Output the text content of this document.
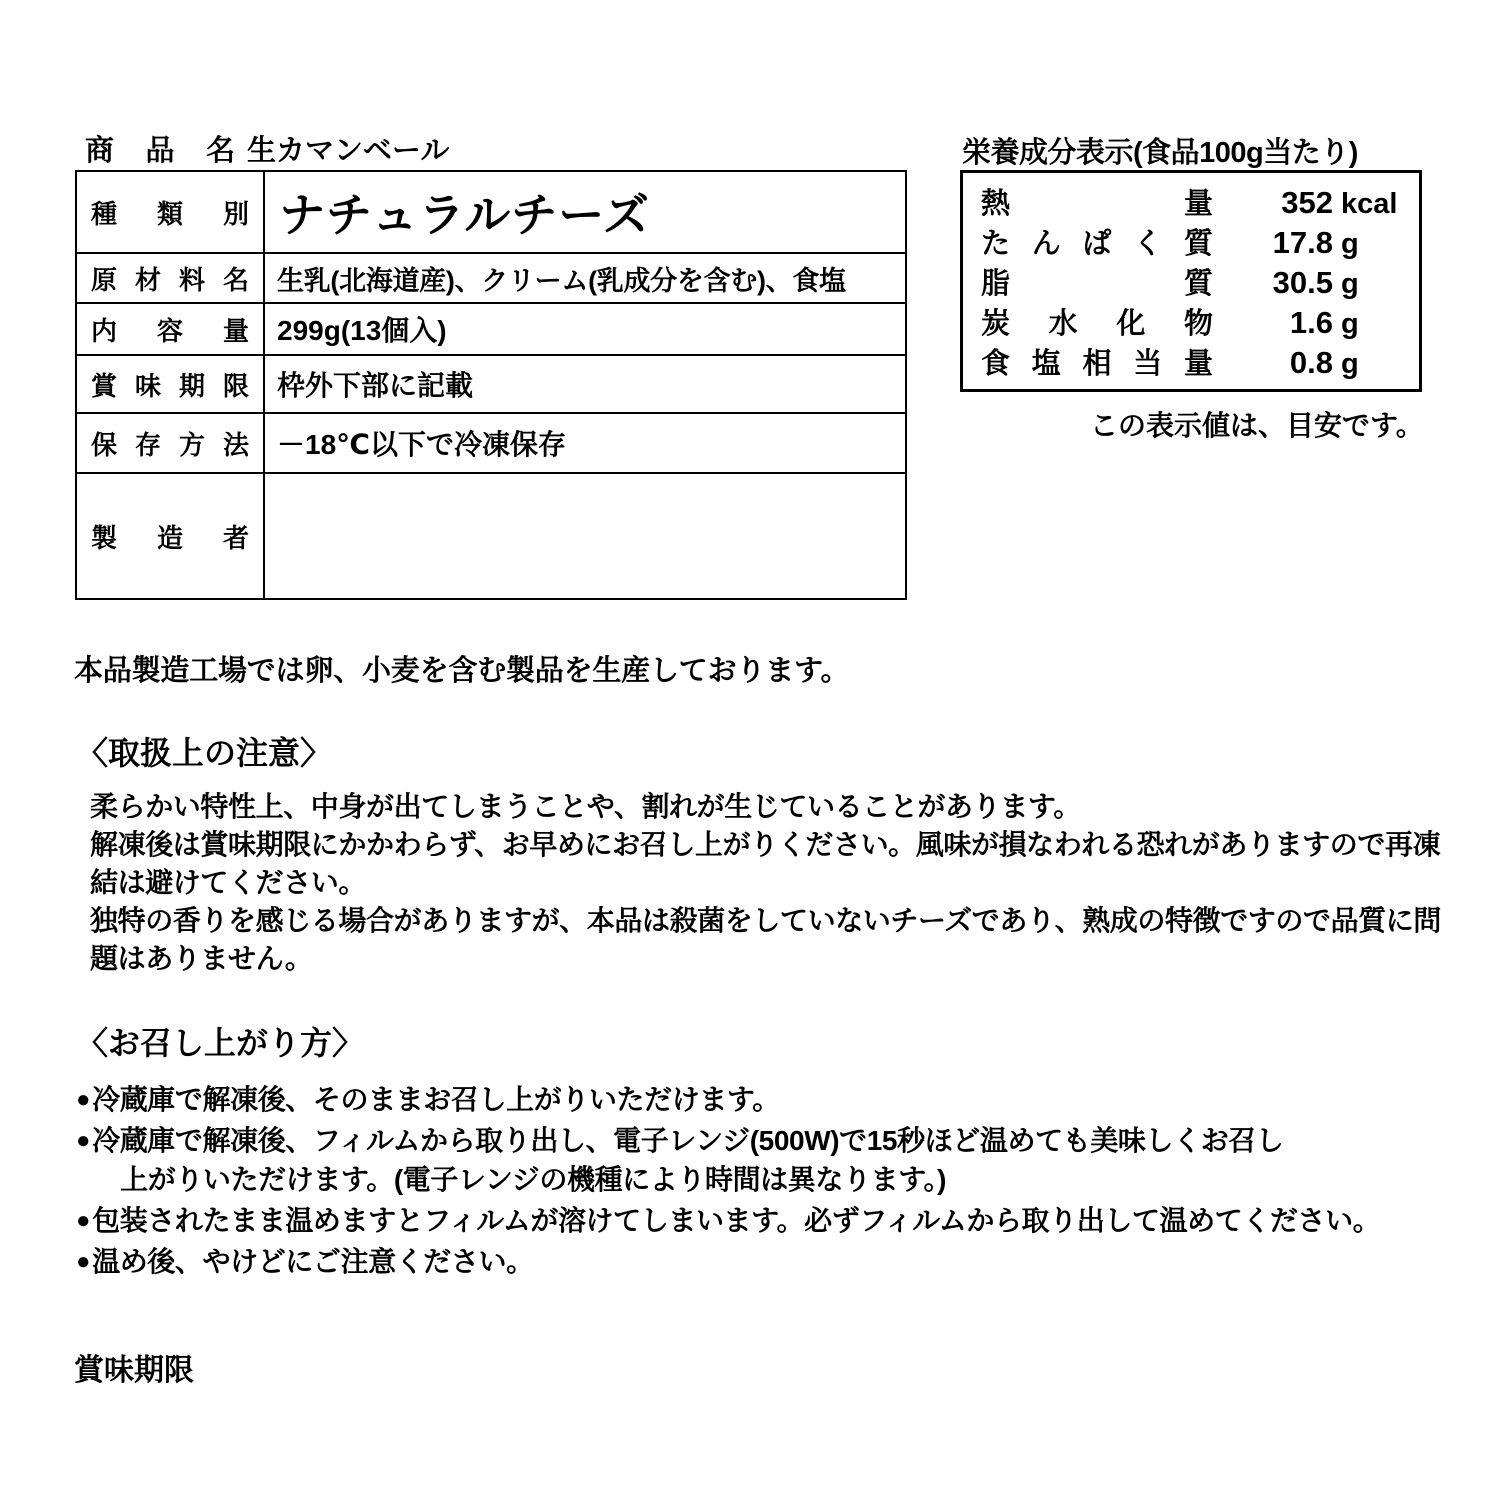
商 品 名 生カマンベール
種類別	ナチュラルチーズ
原材料名	生乳(北海道産)、クリーム(乳成分を含む)、食塩
内容量	299g(13個入)
賞味期限	枠外下部に記載
保存方法	－18℃以下で冷凍保存
製造者	
栄養成分表示(食品100g当たり)
熱量	352 kcal
たんぱく質	17.8 g
脂質	30.5 g
炭水化物	1.6 g
食塩相当量	0.8 g
この表示値は、目安です。
本品製造工場では卵、小麦を含む製品を生産しております。
〈取扱上の注意〉
柔らかい特性上、中身が出てしまうことや、割れが生じていることがあります。
解凍後は賞味期限にかかわらず、お早めにお召し上がりください。風味が損なわれる恐れがありますので再凍結は避けてください。
独特の香りを感じる場合がありますが、本品は殺菌をしていないチーズであり、熟成の特徴ですので品質に問題はありません。
〈お召し上がり方〉
● 冷蔵庫で解凍後、そのままお召し上がりいただけます。
● 冷蔵庫で解凍後、フィルムから取り出し、電子レンジ(500W)で15秒ほど温めても美味しくお召し
上がりいただけます。(電子レンジの機種により時間は異なります。)
● 包装されたまま温めますとフィルムが溶けてしまいます。必ずフィルムから取り出して温めてください。
● 温め後、やけどにご注意ください。
賞味期限
